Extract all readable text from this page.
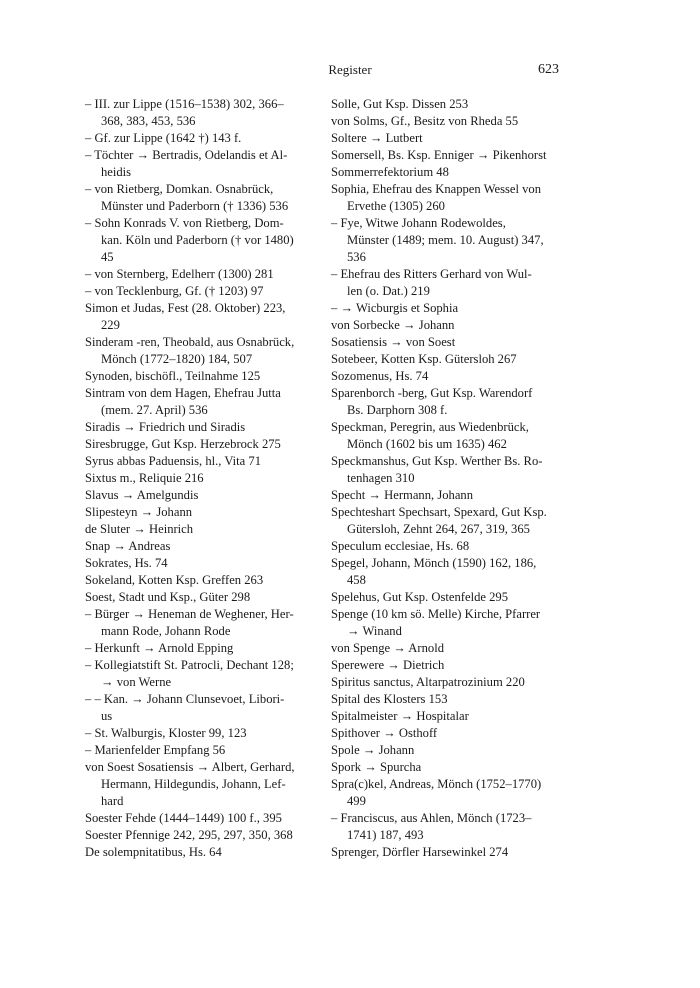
Register	623
– III. zur Lippe (1516–1538) 302, 366–
368, 383, 453, 536
– Gf. zur Lippe (1642 †) 143 f.
– Töchter → Bertradis, Odelandis et Al-
heidis
– von Rietberg, Domkan. Osnabrück,
Münster und Paderborn († 1336) 536
– Sohn Konrads V. von Rietberg, Dom-
kan. Köln und Paderborn († vor 1480)
45
– von Sternberg, Edelherr (1300) 281
– von Tecklenburg, Gf. († 1203) 97
Simon et Judas, Fest (28. Oktober) 223,
229
Sinderam -ren, Theobald, aus Osnabrück,
Mönch (1772–1820) 184, 507
Synoden, bischöfl., Teilnahme 125
Sintram von dem Hagen, Ehefrau Jutta
(mem. 27. April) 536
Siradis → Friedrich und Siradis
Siresbrugge, Gut Ksp. Herzebrock 275
Syrus abbas Paduensis, hl., Vita 71
Sixtus m., Reliquie 216
Slavus → Amelgundis
Slipesteyn → Johann
de Sluter → Heinrich
Snap → Andreas
Sokrates, Hs. 74
Sokeland, Kotten Ksp. Greffen 263
Soest, Stadt und Ksp., Güter 298
– Bürger → Heneman de Weghener, Her-
mann Rode, Johann Rode
– Herkunft → Arnold Epping
– Kollegiatstift St. Patrocli, Dechant 128;
→ von Werne
– – Kan. → Johann Clunsevoet, Libori-
us
– St. Walburgis, Kloster 99, 123
– Marienfelder Empfang 56
von Soest Sosatiensis → Albert, Gerhard,
Hermann, Hildegundis, Johann, Lef-
hard
Soester Fehde (1444–1449) 100 f., 395
Soester Pfennige 242, 295, 297, 350, 368
De solempnitatibus, Hs. 64
Solle, Gut Ksp. Dissen 253
von Solms, Gf., Besitz von Rheda 55
Soltere → Lutbert
Somersell, Bs. Ksp. Enniger → Pikenhorst
Sommerrefektorium 48
Sophia, Ehefrau des Knappen Wessel von
Ervethe (1305) 260
– Fye, Witwe Johann Rodewoldes,
Münster (1489; mem. 10. August) 347,
536
– Ehefrau des Ritters Gerhard von Wul-
len (o. Dat.) 219
– → Wicburgis et Sophia
von Sorbecke → Johann
Sosatiensis → von Soest
Sotebeer, Kotten Ksp. Gütersloh 267
Sozomenus, Hs. 74
Sparenborch -berg, Gut Ksp. Warendorf
Bs. Darphorn 308 f.
Speckman, Peregrin, aus Wiedenbrück,
Mönch (1602 bis um 1635) 462
Speckmanshus, Gut Ksp. Werther Bs. Ro-
tenhagen 310
Specht → Hermann, Johann
Spechteshart Spechsart, Spexard, Gut Ksp.
Gütersloh, Zehnt 264, 267, 319, 365
Speculum ecclesiae, Hs. 68
Spegel, Johann, Mönch (1590) 162, 186,
458
Spelehus, Gut Ksp. Ostenfelde 295
Spenge (10 km sö. Melle) Kirche, Pfarrer
→ Winand
von Spenge → Arnold
Sperewere → Dietrich
Spiritus sanctus, Altarpatrozinium 220
Spital des Klosters 153
Spitalmeister → Hospitalar
Spithover → Osthoff
Spole → Johann
Spork → Spurcha
Spra(c)kel, Andreas, Mönch (1752–1770)
499
– Franciscus, aus Ahlen, Mönch (1723–
1741) 187, 493
Sprenger, Dörfler Harsewinkel 274
